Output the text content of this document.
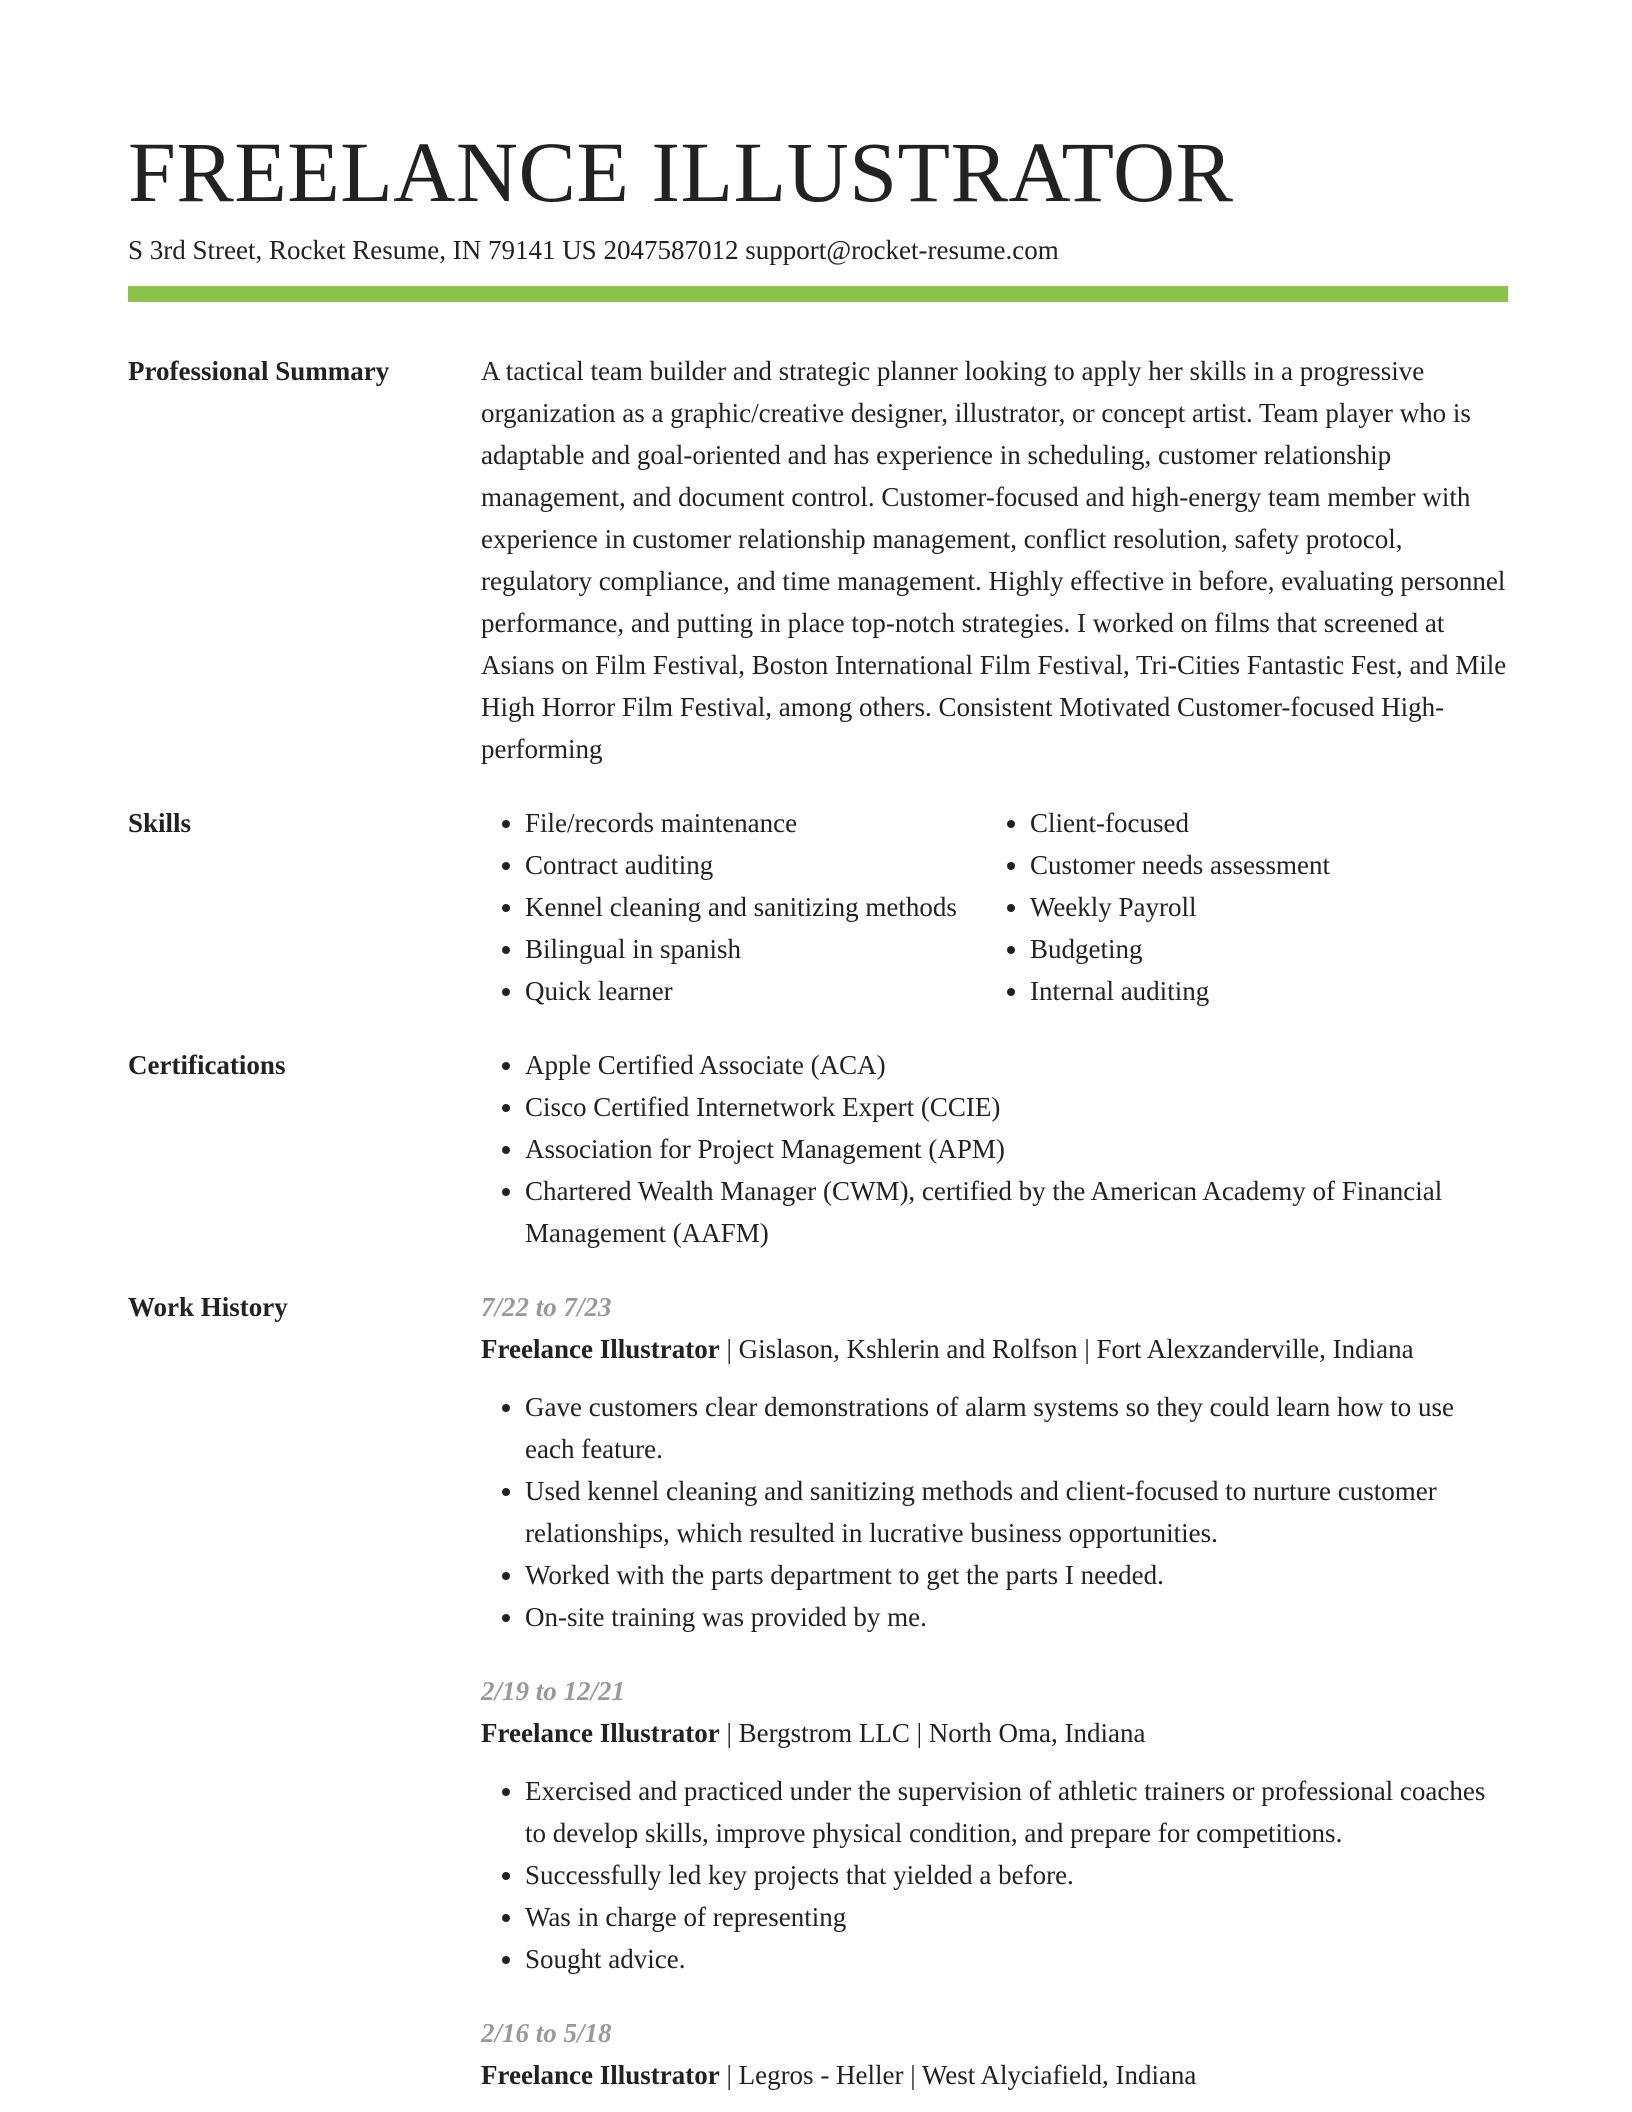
FREELANCE ILLUSTRATOR
S 3rd Street, Rocket Resume, IN 79141 US 2047587012 support@rocket-resume.com
Professional Summary	A tactical team builder and strategic planner looking to apply her skills in a progressive organization as a graphic/creative designer, illustrator, or concept artist. Team player who is adaptable and goal-oriented and has experience in scheduling, customer relationship management, and document control. Customer-focused and high-energy team member with experience in customer relationship management, conflict resolution, safety protocol, regulatory compliance, and time management. Highly effective in before, evaluating personnel performance, and putting in place top-notch strategies. I worked on films that screened at Asians on Film Festival, Boston International Film Festival, Tri-Cities Fantastic Fest, and Mile High Horror Film Festival, among others. Consistent Motivated Customer-focused High-performing

Skills	• File/records maintenance
• Contract auditing
• Kennel cleaning and sanitizing methods
• Bilingual in spanish
• Quick learner
• Client-focused
• Customer needs assessment
• Weekly Payroll
• Budgeting
• Internal auditing
Certifications	• Apple Certified Associate (ACA)
• Cisco Certified Internetwork Expert (CCIE)
• Association for Project Management (APM)
• Chartered Wealth Manager (CWM), certified by the American Academy of Financial Management (AAFM)
Work History	7/22 to 7/23
Freelance Illustrator | Gislason, Kshlerin and Rolfson | Fort Alexzanderville, Indiana
• Gave customers clear demonstrations of alarm systems so they could learn how to use each feature.
• Used kennel cleaning and sanitizing methods and client-focused to nurture customer relationships, which resulted in lucrative business opportunities.
• Worked with the parts department to get the parts I needed.
• On-site training was provided by me.
2/19 to 12/21
Freelance Illustrator | Bergstrom LLC | North Oma, Indiana
• Exercised and practiced under the supervision of athletic trainers or professional coaches to develop skills, improve physical condition, and prepare for competitions.
• Successfully led key projects that yielded a before.
• Was in charge of representing
• Sought advice.
2/16 to 5/18
Freelance Illustrator | Legros - Heller | West Alyciafield, Indiana
